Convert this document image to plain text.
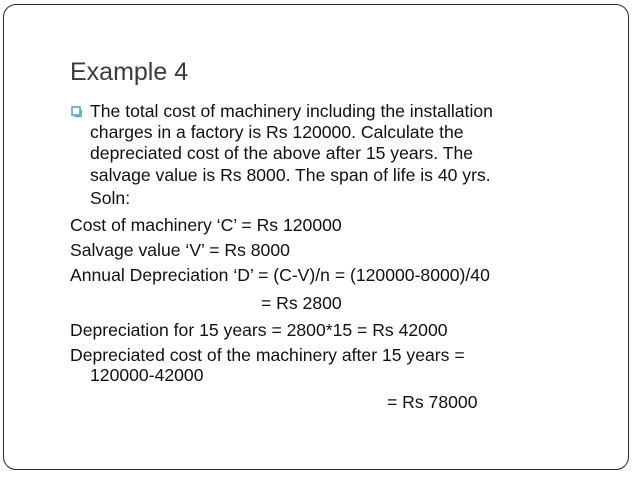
Example 4
The total cost of machinery including the installation
charges in a factory is Rs 120000. Calculate the
depreciated cost of the above after 15 years. The
salvage value is Rs 8000. The span of life is 40 yrs.
Soln:
Cost of machinery ‘C’ = Rs 120000
Salvage value ‘V’ = Rs 8000
Annual Depreciation ‘D’ = (C-V)/n = (120000-8000)/40
= Rs 2800
Depreciation for 15 years = 2800*15 = Rs 42000
Depreciated cost of the machinery after 15 years =
120000-42000
= Rs 78000
